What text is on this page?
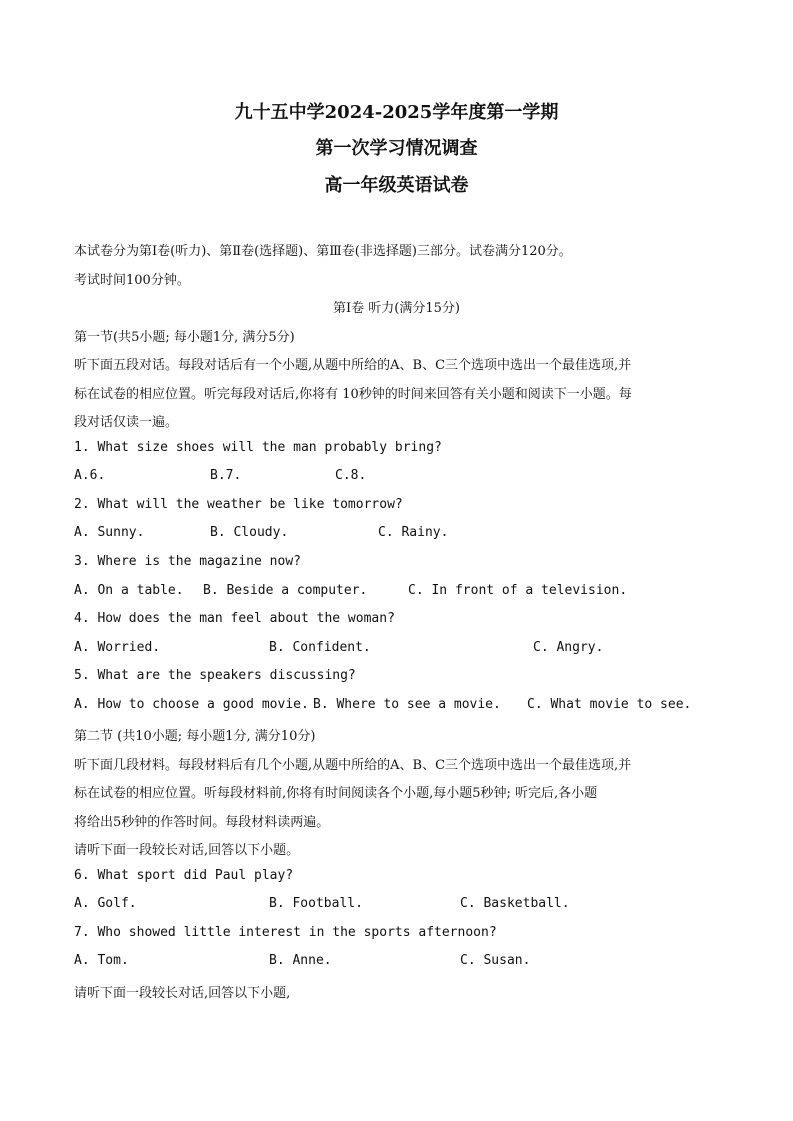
九十五中学2024-2025学年度第一学期
第一次学习情况调查
高一年级英语试卷
本试卷分为第Ⅰ卷(听力)、第Ⅱ卷(选择题)、第Ⅲ卷(非选择题)三部分。试卷满分120分。
考试时间100分钟。
第Ⅰ卷 听力(满分15分)
第一节(共5小题; 每小题1分, 满分5分)
听下面五段对话。每段对话后有一个小题,从题中所给的A、B、C三个选项中选出一个最佳选项,并
标在试卷的相应位置。听完每段对话后,你将有 10秒钟的时间来回答有关小题和阅读下一小题。每
段对话仅读一遍。
1. What size shoes will the man probably bring?
A.6.	B.7.	C.8.
2. What will the weather be like tomorrow?
A. Sunny.	B. Cloudy.	C. Rainy.
3. Where is the magazine now?
A. On a table. B. Beside a computer.	C. In front of a television.
4. How does the man feel about the woman?
A. Worried.	B. Confident.	C. Angry.
5. What are the speakers discussing?
A. How to choose a good movie. B. Where to see a movie. C. What movie to see.
第二节 (共10小题; 每小题1分, 满分10分)
听下面几段材料。每段材料后有几个小题,从题中所给的A、B、C三个选项中选出一个最佳选项,并
标在试卷的相应位置。听每段材料前,你将有时间阅读各个小题,每小题5秒钟; 听完后,各小题
将给出5秒钟的作答时间。每段材料读两遍。
请听下面一段较长对话,回答以下小题。
6. What sport did Paul play?
A. Golf.	B. Football.	C. Basketball.
7. Who showed little interest in the sports afternoon?
A. Tom.	B. Anne.	C. Susan.
请听下面一段较长对话,回答以下小题,
